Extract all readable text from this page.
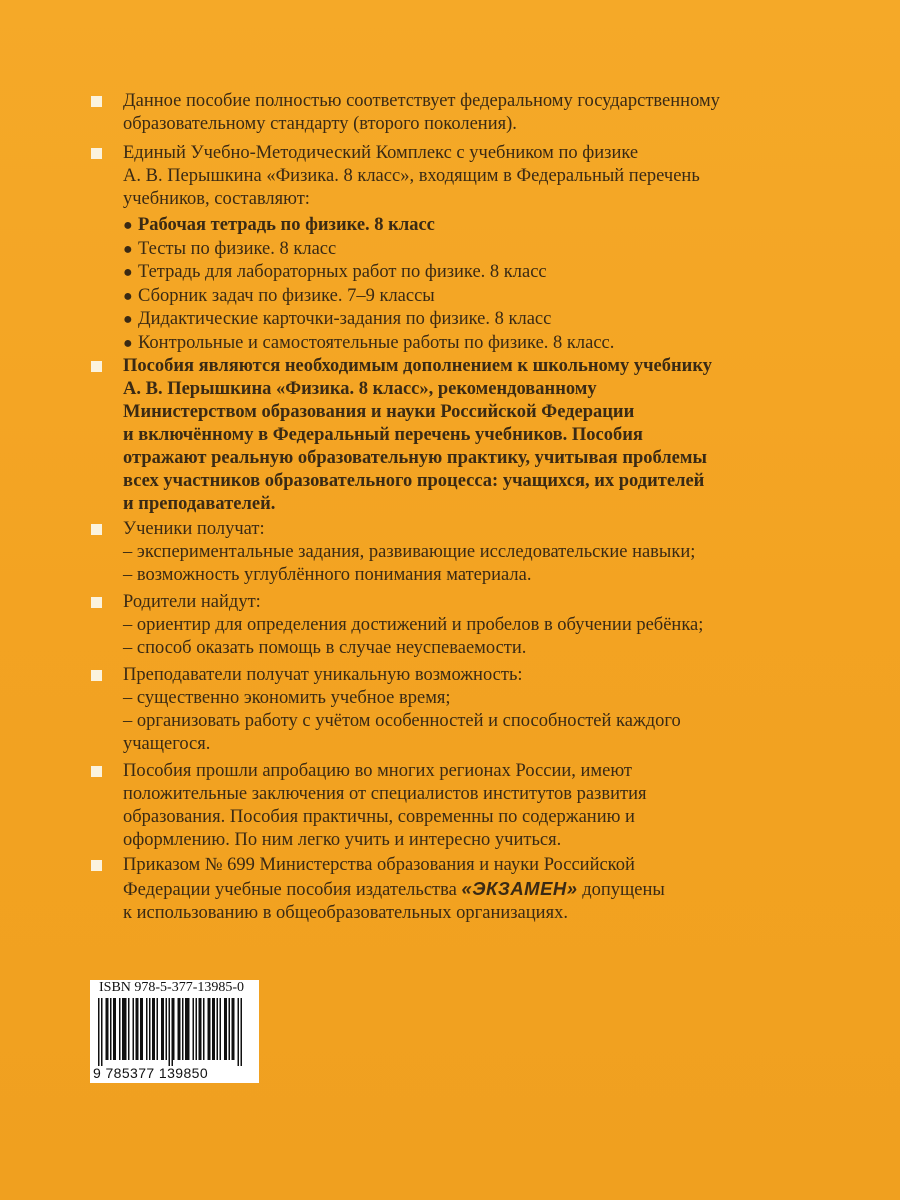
Данное пособие полностью соответствует федеральному государственному
образовательному стандарту (второго поколения).
Единый Учебно-Методический Комплекс с учебником по физике
А. В. Перышкина «Физика. 8 класс», входящим в Федеральный перечень
учебников, составляют:
● Рабочая тетрадь по физике. 8 класс
● Тесты по физике. 8 класс
● Тетрадь для лабораторных работ по физике. 8 класс
● Сборник задач по физике. 7–9 классы
● Дидактические карточки-задания по физике. 8 класс
● Контрольные и самостоятельные работы по физике. 8 класс.
Пособия являются необходимым дополнением к школьному учебнику
А. В. Перышкина «Физика. 8 класс», рекомендованному
Министерством образования и науки Российской Федерации
и включённому в Федеральный перечень учебников. Пособия
отражают реальную образовательную практику, учитывая проблемы
всех участников образовательного процесса: учащихся, их родителей
и преподавателей.
Ученики получат:
– экспериментальные задания, развивающие исследовательские навыки;
– возможность углублённого понимания материала.
Родители найдут:
– ориентир для определения достижений и пробелов в обучении ребёнка;
– способ оказать помощь в случае неуспеваемости.
Преподаватели получат уникальную возможность:
– существенно экономить учебное время;
– организовать работу с учётом особенностей и способностей каждого
учащегося.
Пособия прошли апробацию во многих регионах России, имеют
положительные заключения от специалистов институтов развития
образования. Пособия практичны, современны по содержанию и
оформлению. По ним легко учить и интересно учиться.
Приказом № 699 Министерства образования и науки Российской
Федерации учебные пособия издательства «ЭКЗАМЕН» допущены
к использованию в общеобразовательных организациях.
ISBN 978-5-377-13985-0
9 785377 139850
